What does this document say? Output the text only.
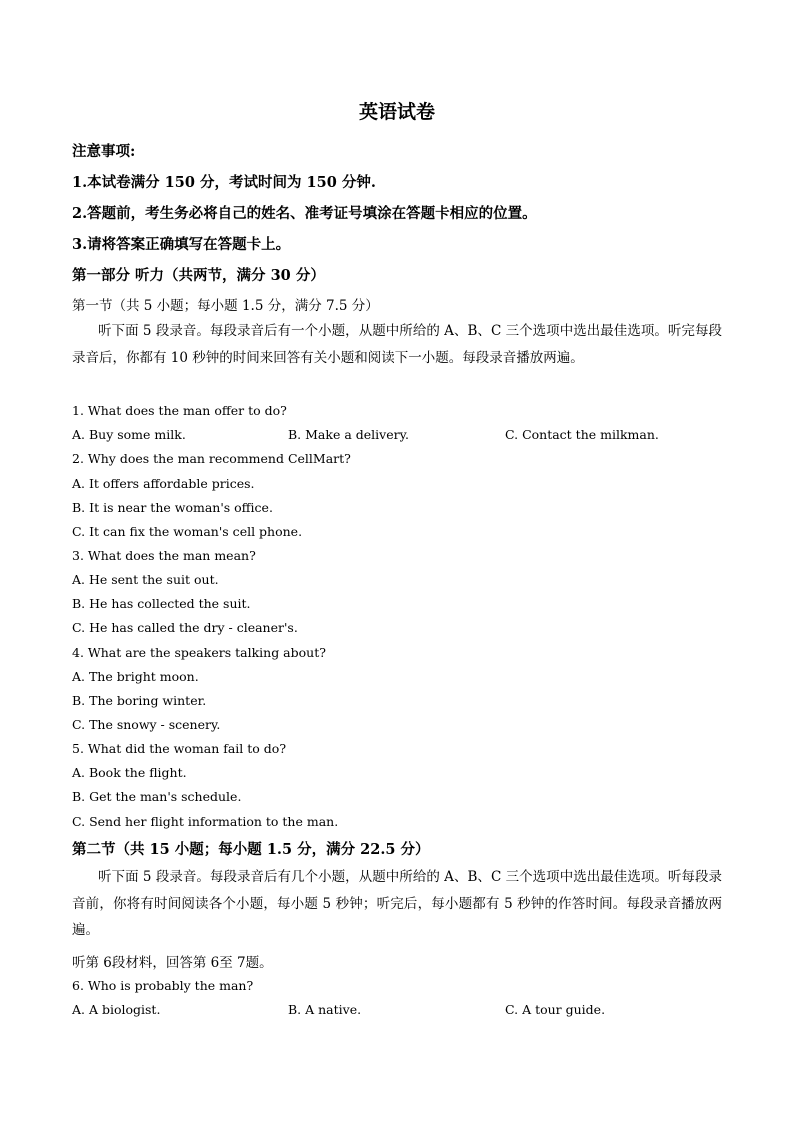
英语试卷
注意事项:
1.本试卷满分 150 分，考试时间为 150 分钟.
2.答题前，考生务必将自己的姓名、准考证号填涂在答题卡相应的位置。
3.请将答案正确填写在答题卡上。
第一部分 听力（共两节，满分 30 分）
第一节（共 5 小题；每小题 1.5 分，满分 7.5 分）
听下面 5 段录音。每段录音后有一个小题，从题中所给的 A、B、C 三个选项中选出最佳选项。听完每段录音后，你都有 10 秒钟的时间来回答有关小题和阅读下一小题。每段录音播放两遍。
1. What does the man offer to do?
A. Buy some milk.	B. Make a delivery.	C. Contact the milkman.
2. Why does the man recommend CellMart?
A. It offers affordable prices.
B. It is near the woman's office.
C. It can fix the woman's cell phone.
3. What does the man mean?
A. He sent the suit out.
B. He has collected the suit.
C. He has called the dry - cleaner's.
4. What are the speakers talking about?
A. The bright moon.
B. The boring winter.
C. The snowy - scenery.
5. What did the woman fail to do?
A. Book the flight.
B. Get the man's schedule.
C. Send her flight information to the man.
第二节（共 15 小题；每小题 1.5 分，满分 22.5 分）
听下面 5 段录音。每段录音后有几个小题，从题中所给的 A、B、C 三个选项中选出最佳选项。听每段录音前，你将有时间阅读各个小题，每小题 5 秒钟；听完后，每小题都有 5 秒钟的作答时间。每段录音播放两遍。
听第 6段材料，回答第 6至 7题。
6. Who is probably the man?
A. A biologist.	B. A native.	C. A tour guide.
